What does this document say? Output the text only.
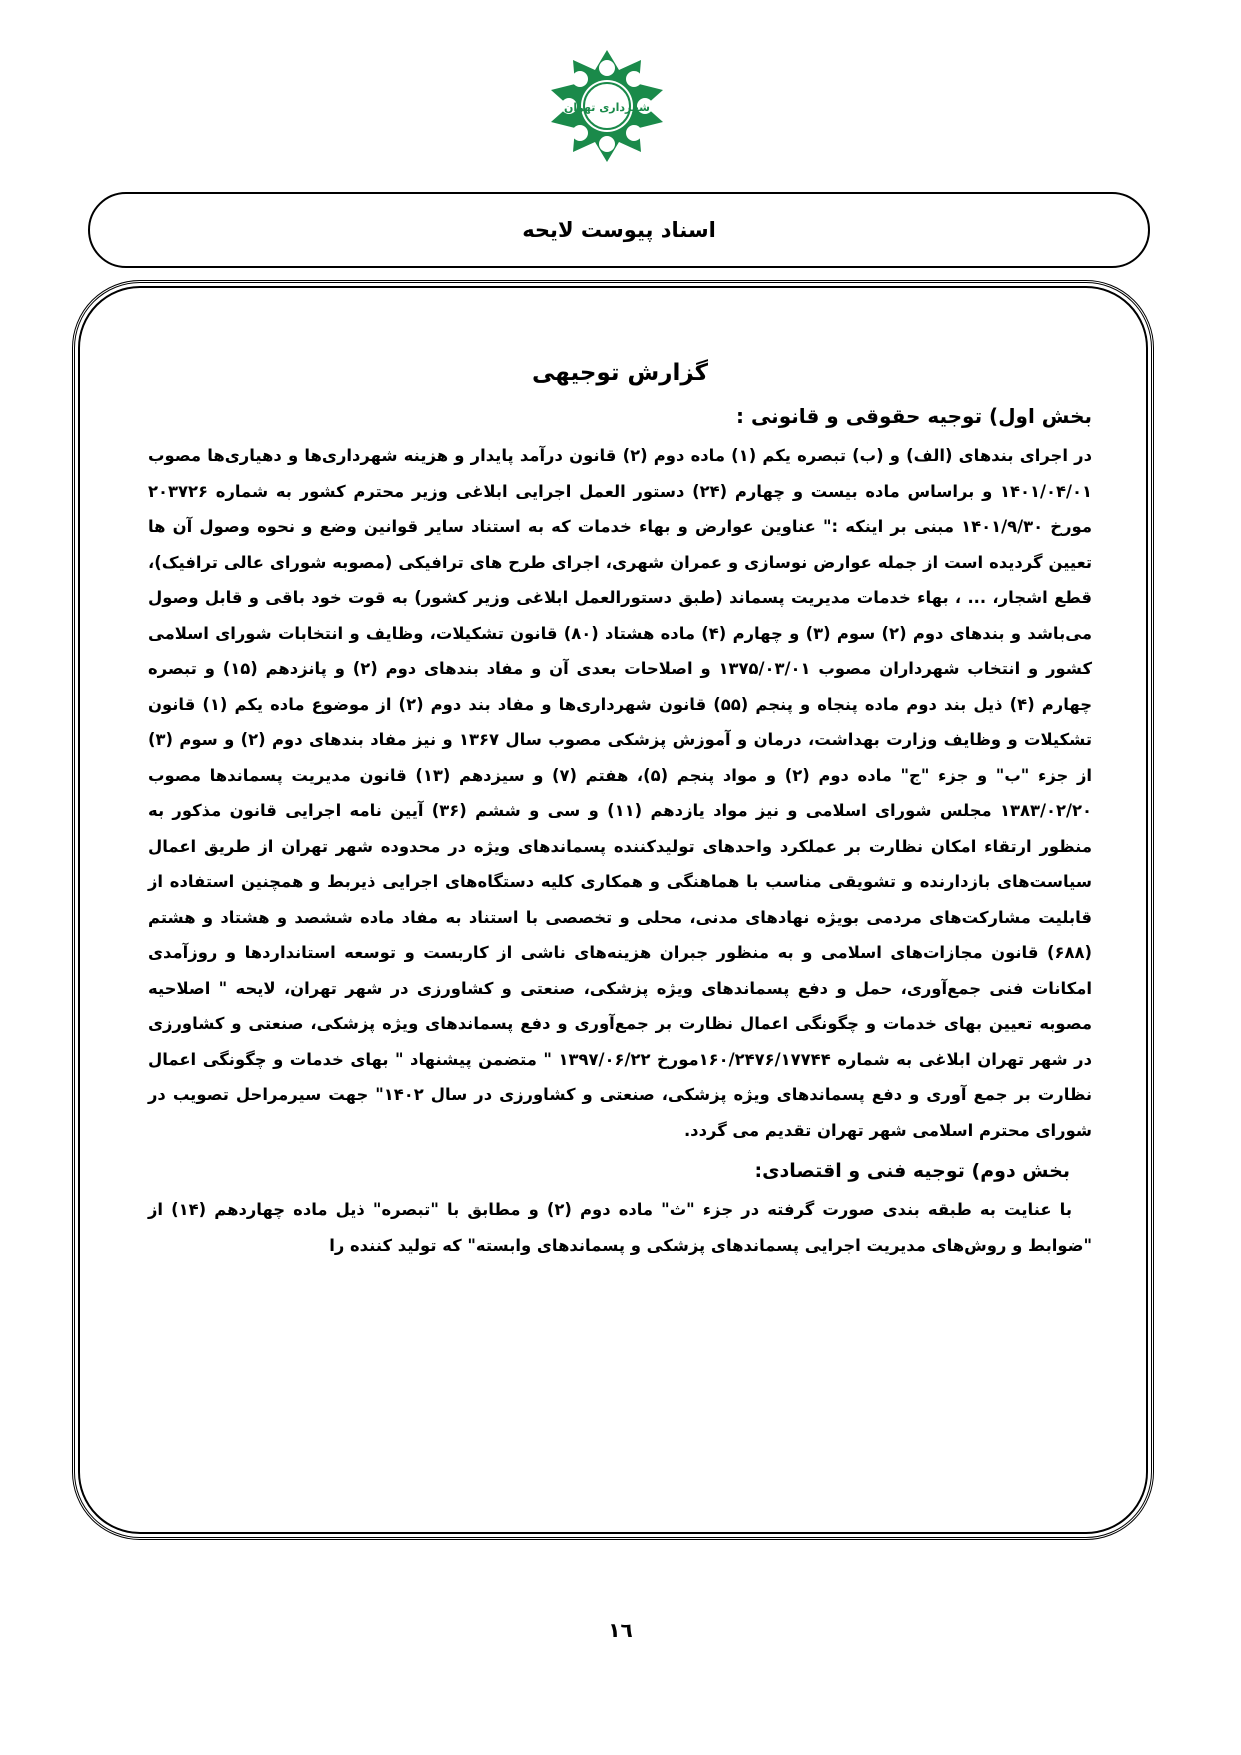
شهرداری تهران
اسناد پیوست لایحه
گزارش توجیهی
بخش اول) توجیه حقوقی و قانونی :

در اجرای بندهای (الف) و (ب) تبصره یکم (۱) ماده دوم (۲) قانون درآمد پایدار و هزینه شهرداری‌ها و دهیاری‌ها مصوب ۱۴۰۱/۰۴/۰۱ و براساس ماده بیست و چهارم (۲۴) دستور العمل اجرایی ابلاغی وزیر محترم کشور به شماره ۲۰۳۷۲۶ مورخ ۱۴۰۱/۹/۳۰ مبنی بر اینکه :" عناوین عوارض و بهاء خدمات که به استناد سایر قوانین وضع و نحوه وصول آن ها تعیین گردیده است از جمله عوارض نوسازی و عمران شهری، اجرای طرح های ترافیکی (مصوبه شورای عالی ترافیک)، قطع اشجار، ... ، بهاء خدمات مدیریت پسماند (طبق دستورالعمل ابلاغی وزیر کشور) به قوت خود باقی و قابل وصول می‌باشد و بندهای دوم (۲) سوم (۳) و چهارم (۴) ماده هشتاد (۸۰) قانون تشکیلات، وظایف و انتخابات شورای اسلامی کشور و انتخاب شهرداران مصوب ۱۳۷۵/۰۳/۰۱ و اصلاحات بعدی آن و مفاد بندهای دوم (۲) و پانزدهم (۱۵) و تبصره چهارم (۴) ذیل بند دوم ماده پنجاه و پنجم (۵۵) قانون شهرداری‌ها و مفاد بند دوم (۲) از موضوع ماده یکم (۱) قانون تشکیلات و وظایف وزارت بهداشت، درمان و آموزش پزشکی مصوب سال ۱۳۶۷ و نیز مفاد بندهای دوم (۲) و سوم (۳) از جزء "ب" و جزء "ج" ماده دوم (۲) و مواد پنجم (۵)، هفتم (۷) و سیزدهم (۱۳) قانون مدیریت پسماندها مصوب ۱۳۸۳/۰۲/۲۰ مجلس شورای اسلامی و نیز مواد یازدهم (۱۱) و سی و ششم (۳۶) آیین نامه اجرایی قانون مذکور به منظور ارتقاء امکان نظارت بر عملکرد واحدهای تولیدکننده پسماندهای ویژه در محدوده شهر تهران از طریق اعمال سیاست‌های بازدارنده و تشویقی مناسب با هماهنگی و همکاری کلیه دستگاه‌های اجرایی ذیربط و همچنین استفاده از قابلیت مشارکت‌های مردمی بویژه نهادهای مدنی، محلی و تخصصی با استناد به مفاد ماده ششصد و هشتاد و هشتم (۶۸۸) قانون مجازات‌های اسلامی و به منظور جبران هزینه‌های ناشی از کاربست و توسعه استانداردها و روزآمدی امکانات فنی جمع‌آوری، حمل و دفع پسماندهای ویژه پزشکی، صنعتی و کشاورزی در شهر تهران، لایحه " اصلاحیه مصوبه تعیین بهای خدمات و چگونگی اعمال نظارت بر جمع‌آوری و دفع پسماندهای ویژه پزشکی، صنعتی و کشاورزی در شهر تهران ابلاغی به شماره ۱۶۰/۲۴۷۶/۱۷۷۴۴مورخ ۱۳۹۷/۰۶/۲۲ " متضمن پیشنهاد " بهای خدمات و چگونگی اعمال نظارت بر جمع آوری و دفع پسماندهای ویژه پزشکی، صنعتی و کشاورزی در سال ۱۴۰۲" جهت سیرمراحل تصویب در شورای محترم اسلامی شهر تهران تقدیم می گردد.

بخش دوم) توجیه فنی و اقتصادی:

با عنایت به طبقه بندی صورت گرفته در جزء "ث" ماده دوم (۲) و مطابق با "تبصره" ذیل ماده چهاردهم (۱۴) از "ضوابط و روش‌های مدیریت اجرایی پسماندهای پزشکی و پسماندهای وابسته" که تولید کننده را

١٦
